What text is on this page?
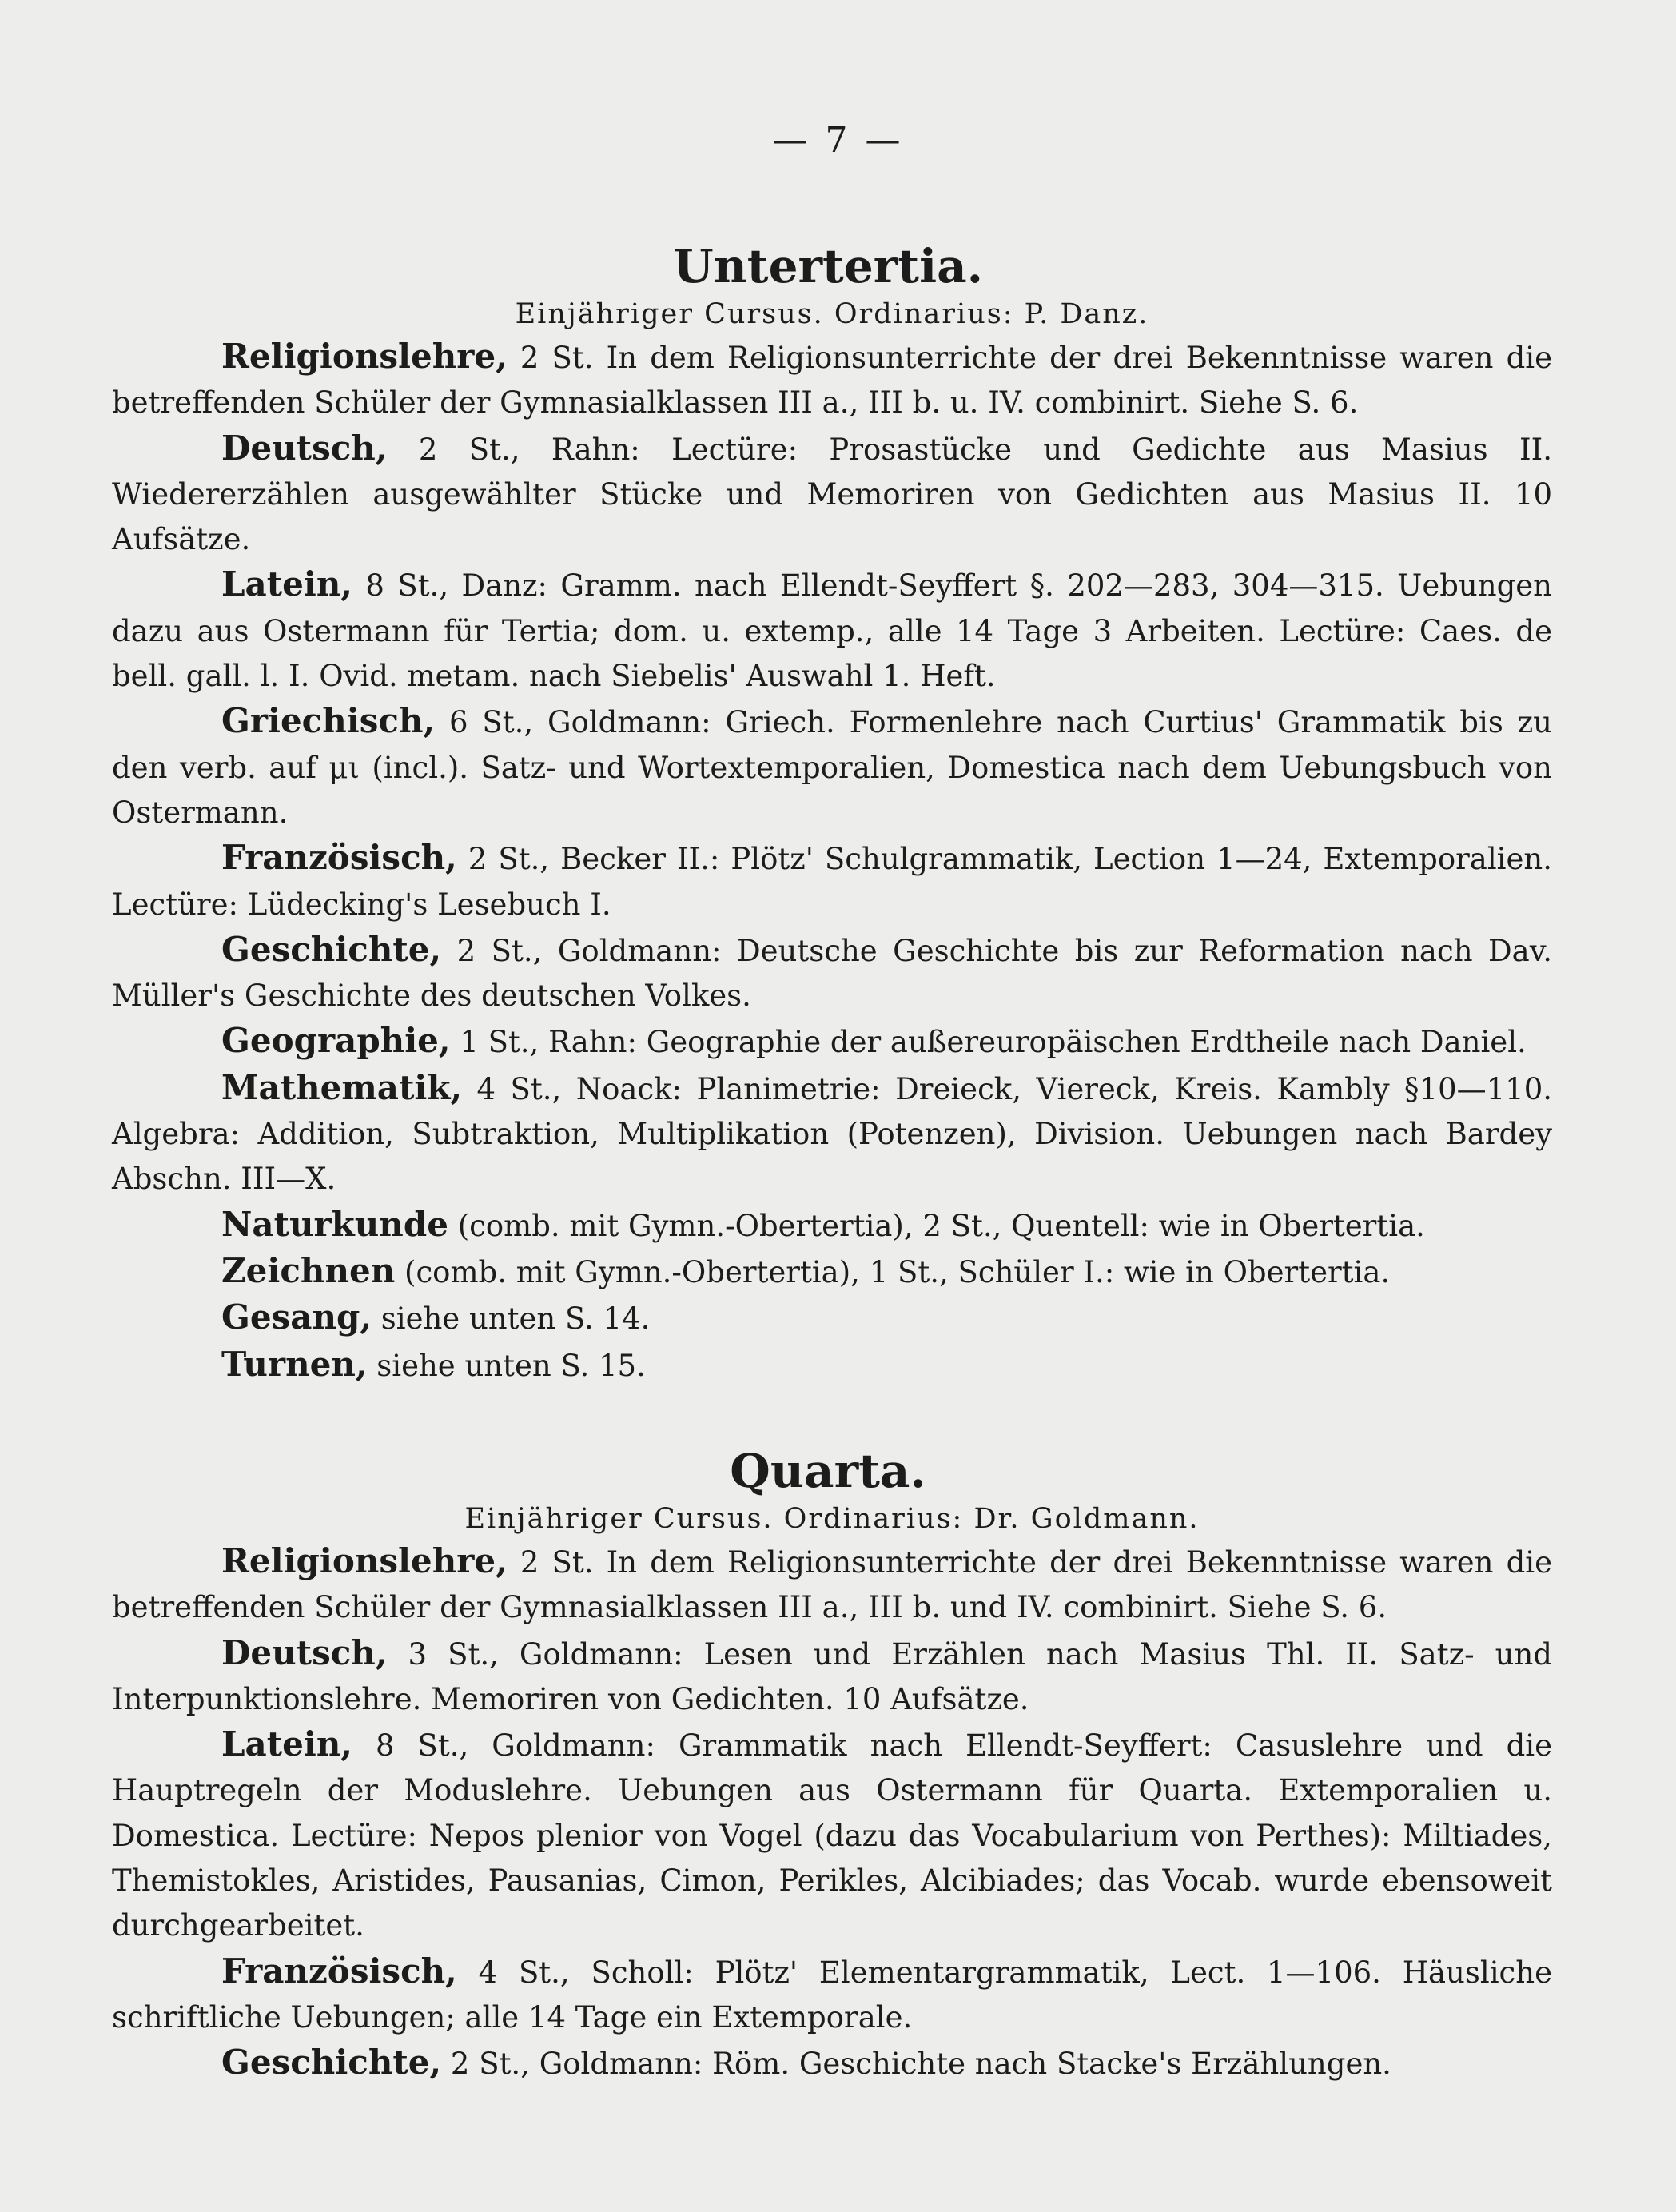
— 7 —
Untertertia.
Einjähriger Cursus. Ordinarius: P. Danz.
Religionslehre, 2 St. In dem Religionsunterrichte der drei Bekenntnisse waren die betreffenden Schüler der Gymnasialklassen III a., III b. u. IV. combinirt. Siehe S. 6.
Deutsch, 2 St., Rahn: Lectüre: Prosastücke und Gedichte aus Masius II. Wiedererzählen ausgewählter Stücke und Memoriren von Gedichten aus Masius II. 10 Aufsätze.
Latein, 8 St., Danz: Gramm. nach Ellendt-Seyffert §. 202—283, 304—315. Uebungen dazu aus Ostermann für Tertia; dom. u. extemp., alle 14 Tage 3 Arbeiten. Lectüre: Caes. de bell. gall. l. I. Ovid. metam. nach Siebelis' Auswahl 1. Heft.
Griechisch, 6 St., Goldmann: Griech. Formenlehre nach Curtius' Grammatik bis zu den verb. auf μι (incl.). Satz- und Wortextemporalien, Domestica nach dem Uebungsbuch von Ostermann.
Französisch, 2 St., Becker II.: Plötz' Schulgrammatik, Lection 1—24, Extemporalien. Lectüre: Lüdecking's Lesebuch I.
Geschichte, 2 St., Goldmann: Deutsche Geschichte bis zur Reformation nach Dav. Müller's Geschichte des deutschen Volkes.
Geographie, 1 St., Rahn: Geographie der außereuropäischen Erdtheile nach Daniel.
Mathematik, 4 St., Noack: Planimetrie: Dreieck, Viereck, Kreis. Kambly §10—110. Algebra: Addition, Subtraktion, Multiplikation (Potenzen), Division. Uebungen nach Bardey Abschn. III—X.
Naturkunde (comb. mit Gymn.-Obertertia), 2 St., Quentell: wie in Obertertia.
Zeichnen (comb. mit Gymn.-Obertertia), 1 St., Schüler I.: wie in Obertertia.
Gesang, siehe unten S. 14.
Turnen, siehe unten S. 15.
Quarta.
Einjähriger Cursus. Ordinarius: Dr. Goldmann.
Religionslehre, 2 St. In dem Religionsunterrichte der drei Bekenntnisse waren die betreffenden Schüler der Gymnasialklassen III a., III b. und IV. combinirt. Siehe S. 6.
Deutsch, 3 St., Goldmann: Lesen und Erzählen nach Masius Thl. II. Satz- und Interpunktionslehre. Memoriren von Gedichten. 10 Aufsätze.
Latein, 8 St., Goldmann: Grammatik nach Ellendt-Seyffert: Casuslehre und die Hauptregeln der Moduslehre. Uebungen aus Ostermann für Quarta. Extemporalien u. Domestica. Lectüre: Nepos plenior von Vogel (dazu das Vocabularium von Perthes): Miltiades, Themistokles, Aristides, Pausanias, Cimon, Perikles, Alcibiades; das Vocab. wurde ebensoweit durchgearbeitet.
Französisch, 4 St., Scholl: Plötz' Elementargrammatik, Lect. 1—106. Häusliche schriftliche Uebungen; alle 14 Tage ein Extemporale.
Geschichte, 2 St., Goldmann: Röm. Geschichte nach Stacke's Erzählungen.
